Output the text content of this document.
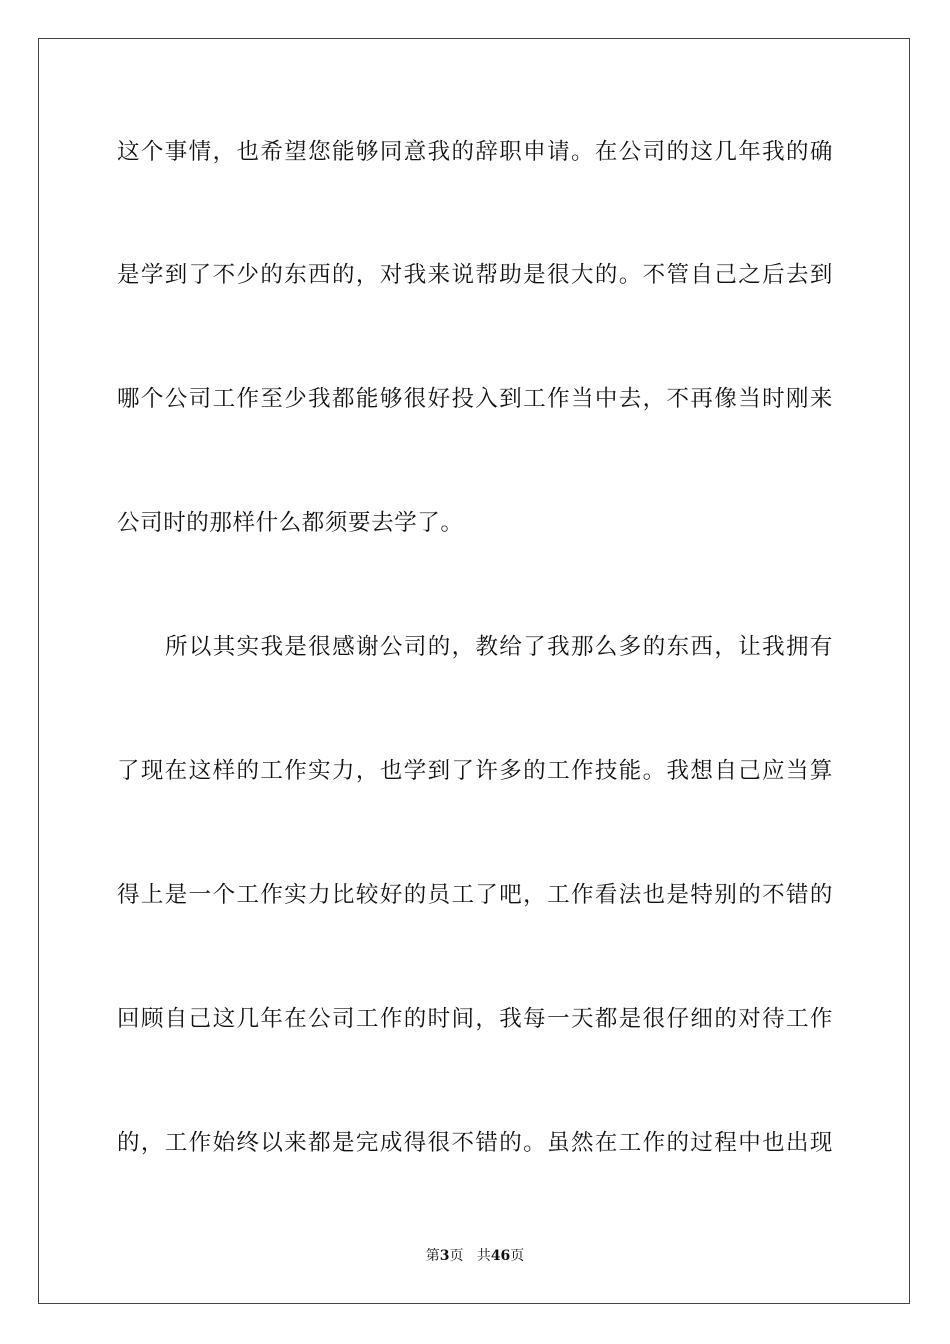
这个事情，也希望您能够同意我的辞职申请。在公司的这几年我的确
是学到了不少的东西的，对我来说帮助是很大的。不管自己之后去到
哪个公司工作至少我都能够很好投入到工作当中去，不再像当时刚来
公司时的那样什么都须要去学了。
所以其实我是很感谢公司的，教给了我那么多的东西，让我拥有
了现在这样的工作实力，也学到了许多的工作技能。我想自己应当算
得上是一个工作实力比较好的员工了吧，工作看法也是特别的不错的
回顾自己这几年在公司工作的时间，我每一天都是很仔细的对待工作
的，工作始终以来都是完成得很不错的。虽然在工作的过程中也出现
第3页 共46页
